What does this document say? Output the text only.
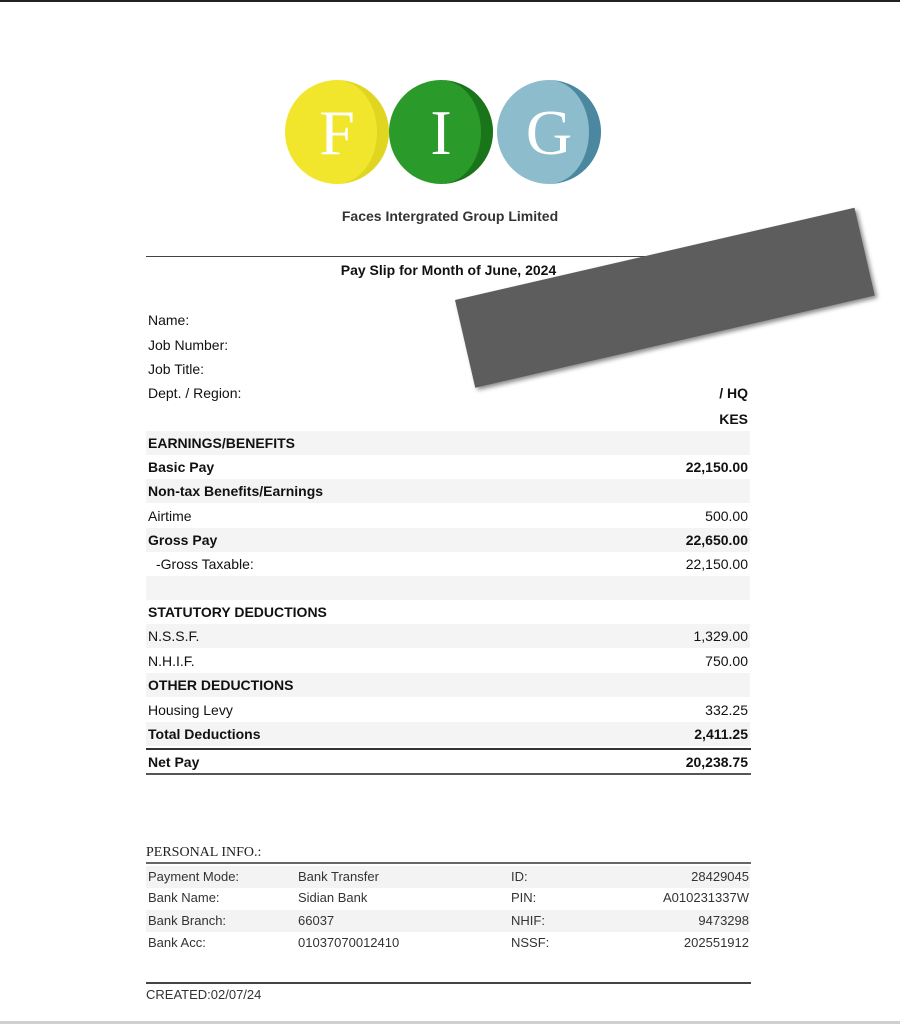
F I G
Faces Intergrated Group Limited
Pay Slip for Month of June, 2024
Name:
Job Number:
Job Title:
Dept. / Region:	/ HQ
KES
EARNINGS/BENEFITS
Basic Pay	22,150.00
Non-tax Benefits/Earnings
Airtime	500.00
Gross Pay	22,650.00
-Gross Taxable:	22,150.00
STATUTORY DEDUCTIONS
N.S.S.F.	1,329.00
N.H.I.F.	750.00
OTHER DEDUCTIONS
Housing Levy	332.25
Total Deductions	2,411.25
Net Pay	20,238.75
PERSONAL INFO.:
Payment Mode:	Bank Transfer	ID:	28429045
Bank Name:	Sidian Bank	PIN:	A010231337W
Bank Branch:	66037	NHIF:	9473298
Bank Acc:	01037070012410	NSSF:	202551912
CREATED:02/07/24
